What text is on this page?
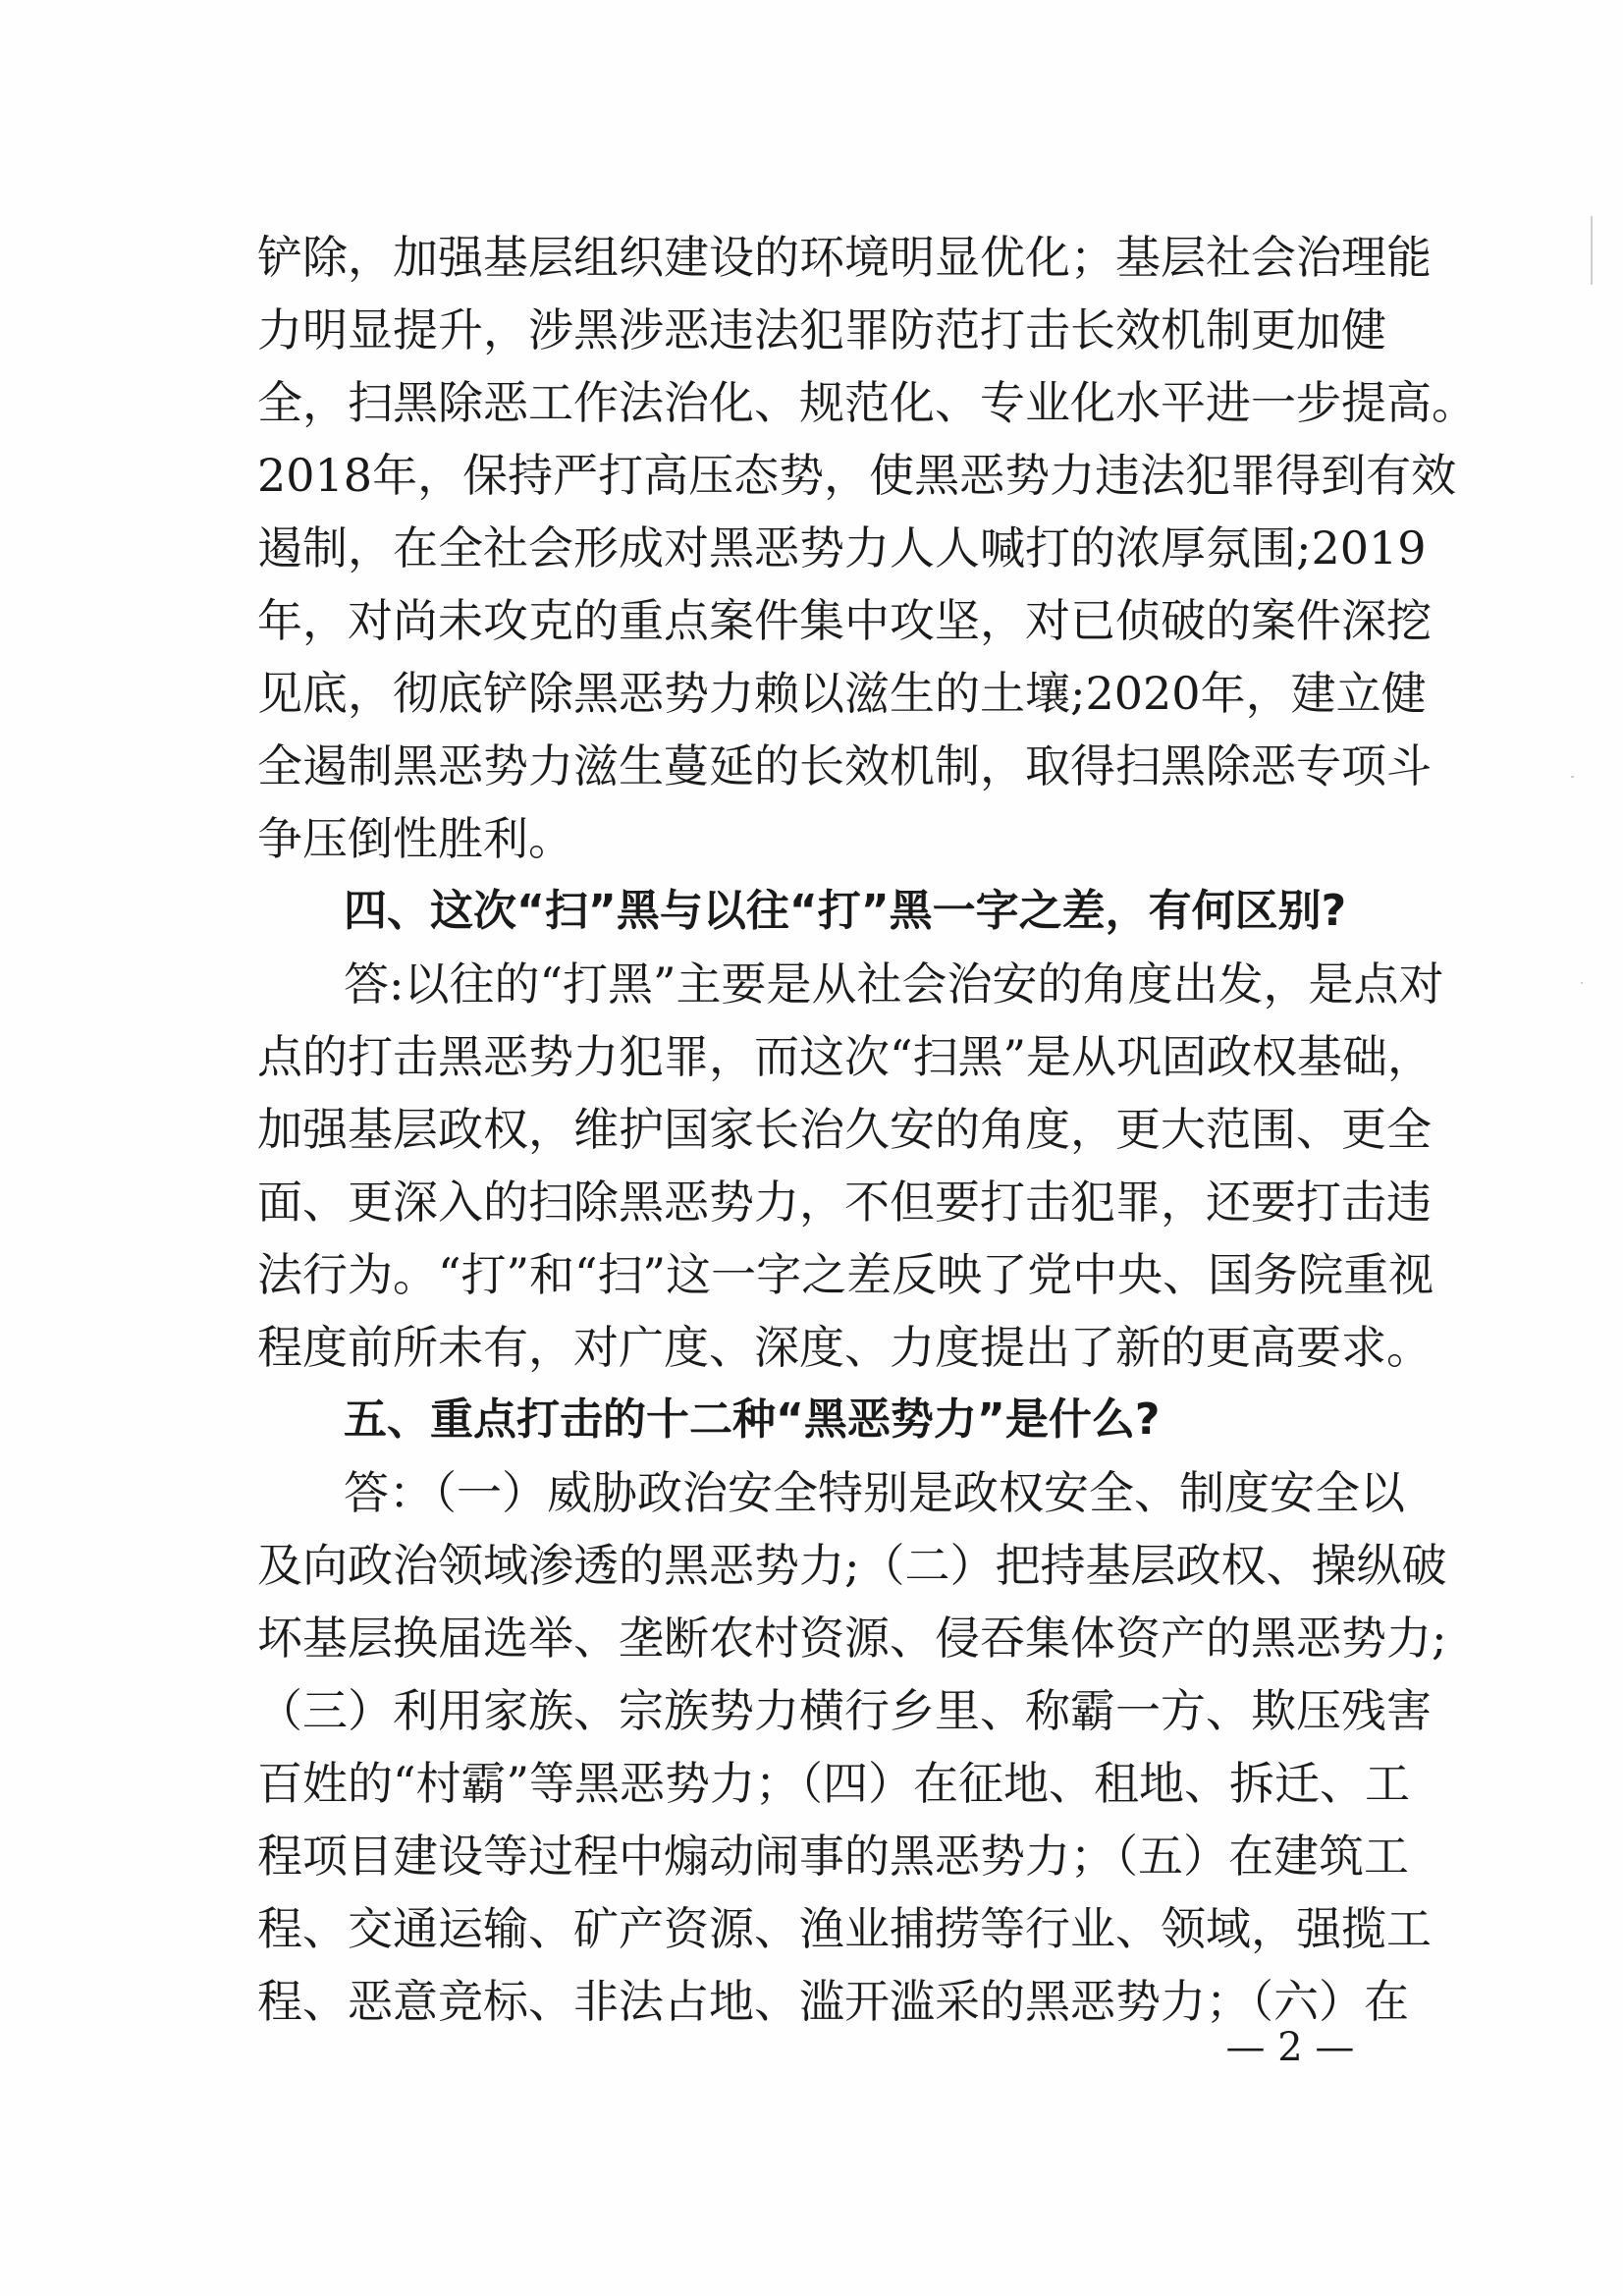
铲除，加强基层组织建设的环境明显优化；基层社会治理能
力明显提升，涉黑涉恶违法犯罪防范打击长效机制更加健
全，扫黑除恶工作法治化、规范化、专业化水平进一步提高。
2018年，保持严打高压态势，使黑恶势力违法犯罪得到有效
遏制，在全社会形成对黑恶势力人人喊打的浓厚氛围;2019
年，对尚未攻克的重点案件集中攻坚，对已侦破的案件深挖
见底，彻底铲除黑恶势力赖以滋生的土壤;2020年，建立健
全遏制黑恶势力滋生蔓延的长效机制，取得扫黑除恶专项斗
争压倒性胜利。
四、这次“扫”黑与以往“打”黑一字之差，有何区别?
答:以往的“打黑”主要是从社会治安的角度出发，是点对
点的打击黑恶势力犯罪，而这次“扫黑”是从巩固政权基础，
加强基层政权，维护国家长治久安的角度，更大范围、更全
面、更深入的扫除黑恶势力，不但要打击犯罪，还要打击违
法行为。“打”和“扫”这一字之差反映了党中央、国务院重视
程度前所未有，对广度、深度、力度提出了新的更高要求。
五、重点打击的十二种“黑恶势力”是什么?
答：（一）威胁政治安全特别是政权安全、制度安全以
及向政治领域渗透的黑恶势力;（二）把持基层政权、操纵破
坏基层换届选举、垄断农村资源、侵吞集体资产的黑恶势力;
（三）利用家族、宗族势力横行乡里、称霸一方、欺压残害
百姓的“村霸”等黑恶势力；（四）在征地、租地、拆迁、工
程项目建设等过程中煽动闹事的黑恶势力；（五）在建筑工
程、交通运输、矿产资源、渔业捕捞等行业、领域，强揽工
程、恶意竞标、非法占地、滥开滥采的黑恶势力；（六）在
— 2 —
